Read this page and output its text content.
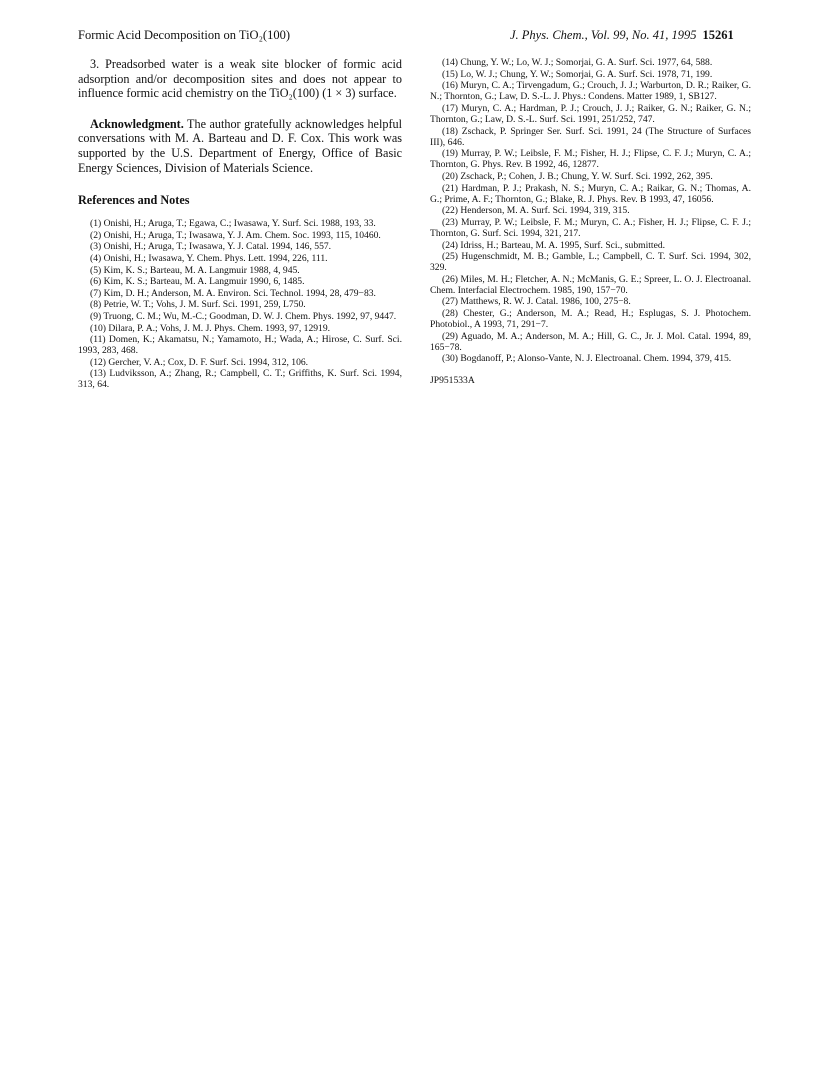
Formic Acid Decomposition on TiO₂(100)	J. Phys. Chem., Vol. 99, No. 41, 1995 15261

3. Preadsorbed water is a weak site blocker of formic acid adsorption and/or decomposition sites and does not appear to influence formic acid chemistry on the TiO₂(100) (1 × 3) surface.

Acknowledgment. The author gratefully acknowledges helpful conversations with M. A. Barteau and D. F. Cox. This work was supported by the U.S. Department of Energy, Office of Basic Energy Sciences, Division of Materials Science.

References and Notes

(1) Onishi, H.; Aruga, T.; Egawa, C.; Iwasawa, Y. Surf. Sci. 1988, 193, 33.

(2) Onishi, H.; Aruga, T.; Iwasawa, Y. J. Am. Chem. Soc. 1993, 115, 10460.

(3) Onishi, H.; Aruga, T.; Iwasawa, Y. J. Catal. 1994, 146, 557.

(4) Onishi, H.; Iwasawa, Y. Chem. Phys. Lett. 1994, 226, 111.

(5) Kim, K. S.; Barteau, M. A. Langmuir 1988, 4, 945.

(6) Kim, K. S.; Barteau, M. A. Langmuir 1990, 6, 1485.

(7) Kim, D. H.; Anderson, M. A. Environ. Sci. Technol. 1994, 28, 479−83.

(8) Petrie, W. T.; Vohs, J. M. Surf. Sci. 1991, 259, L750.

(9) Truong, C. M.; Wu, M.-C.; Goodman, D. W. J. Chem. Phys. 1992, 97, 9447.

(10) Dilara, P. A.; Vohs, J. M. J. Phys. Chem. 1993, 97, 12919.

(11) Domen, K.; Akamatsu, N.; Yamamoto, H.; Wada, A.; Hirose, C. Surf. Sci. 1993, 283, 468.

(12) Gercher, V. A.; Cox, D. F. Surf. Sci. 1994, 312, 106.

(13) Ludviksson, A.; Zhang, R.; Campbell, C. T.; Griffiths, K. Surf. Sci. 1994, 313, 64.

(14) Chung, Y. W.; Lo, W. J.; Somorjai, G. A. Surf. Sci. 1977, 64, 588.

(15) Lo, W. J.; Chung, Y. W.; Somorjai, G. A. Surf. Sci. 1978, 71, 199.

(16) Muryn, C. A.; Tirvengadum, G.; Crouch, J. J.; Warburton, D. R.; Raiker, G. N.; Thornton, G.; Law, D. S.-L. J. Phys.: Condens. Matter 1989, 1, SB127.

(17) Muryn, C. A.; Hardman, P. J.; Crouch, J. J.; Raiker, G. N.; Raiker, G. N.; Thornton, G.; Law, D. S.-L. Surf. Sci. 1991, 251/252, 747.

(18) Zschack, P. Springer Ser. Surf. Sci. 1991, 24 (The Structure of Surfaces III), 646.

(19) Murray, P. W.; Leibsle, F. M.; Fisher, H. J.; Flipse, C. F. J.; Muryn, C. A.; Thornton, G. Phys. Rev. B 1992, 46, 12877.

(20) Zschack, P.; Cohen, J. B.; Chung, Y. W. Surf. Sci. 1992, 262, 395.

(21) Hardman, P. J.; Prakash, N. S.; Muryn, C. A.; Raikar, G. N.; Thomas, A. G.; Prime, A. F.; Thornton, G.; Blake, R. J. Phys. Rev. B 1993, 47, 16056.

(22) Henderson, M. A. Surf. Sci. 1994, 319, 315.

(23) Murray, P. W.; Leibsle, F. M.; Muryn, C. A.; Fisher, H. J.; Flipse, C. F. J.; Thornton, G. Surf. Sci. 1994, 321, 217.

(24) Idriss, H.; Barteau, M. A. 1995, Surf. Sci., submitted.

(25) Hugenschmidt, M. B.; Gamble, L.; Campbell, C. T. Surf. Sci. 1994, 302, 329.

(26) Miles, M. H.; Fletcher, A. N.; McManis, G. E.; Spreer, L. O. J. Electroanal. Chem. Interfacial Electrochem. 1985, 190, 157−70.

(27) Matthews, R. W. J. Catal. 1986, 100, 275−8.

(28) Chester, G.; Anderson, M. A.; Read, H.; Esplugas, S. J. Photochem. Photobiol., A 1993, 71, 291−7.

(29) Aguado, M. A.; Anderson, M. A.; Hill, G. C., Jr. J. Mol. Catal. 1994, 89, 165−78.

(30) Bogdanoff, P.; Alonso-Vante, N. J. Electroanal. Chem. 1994, 379, 415.

JP951533A
